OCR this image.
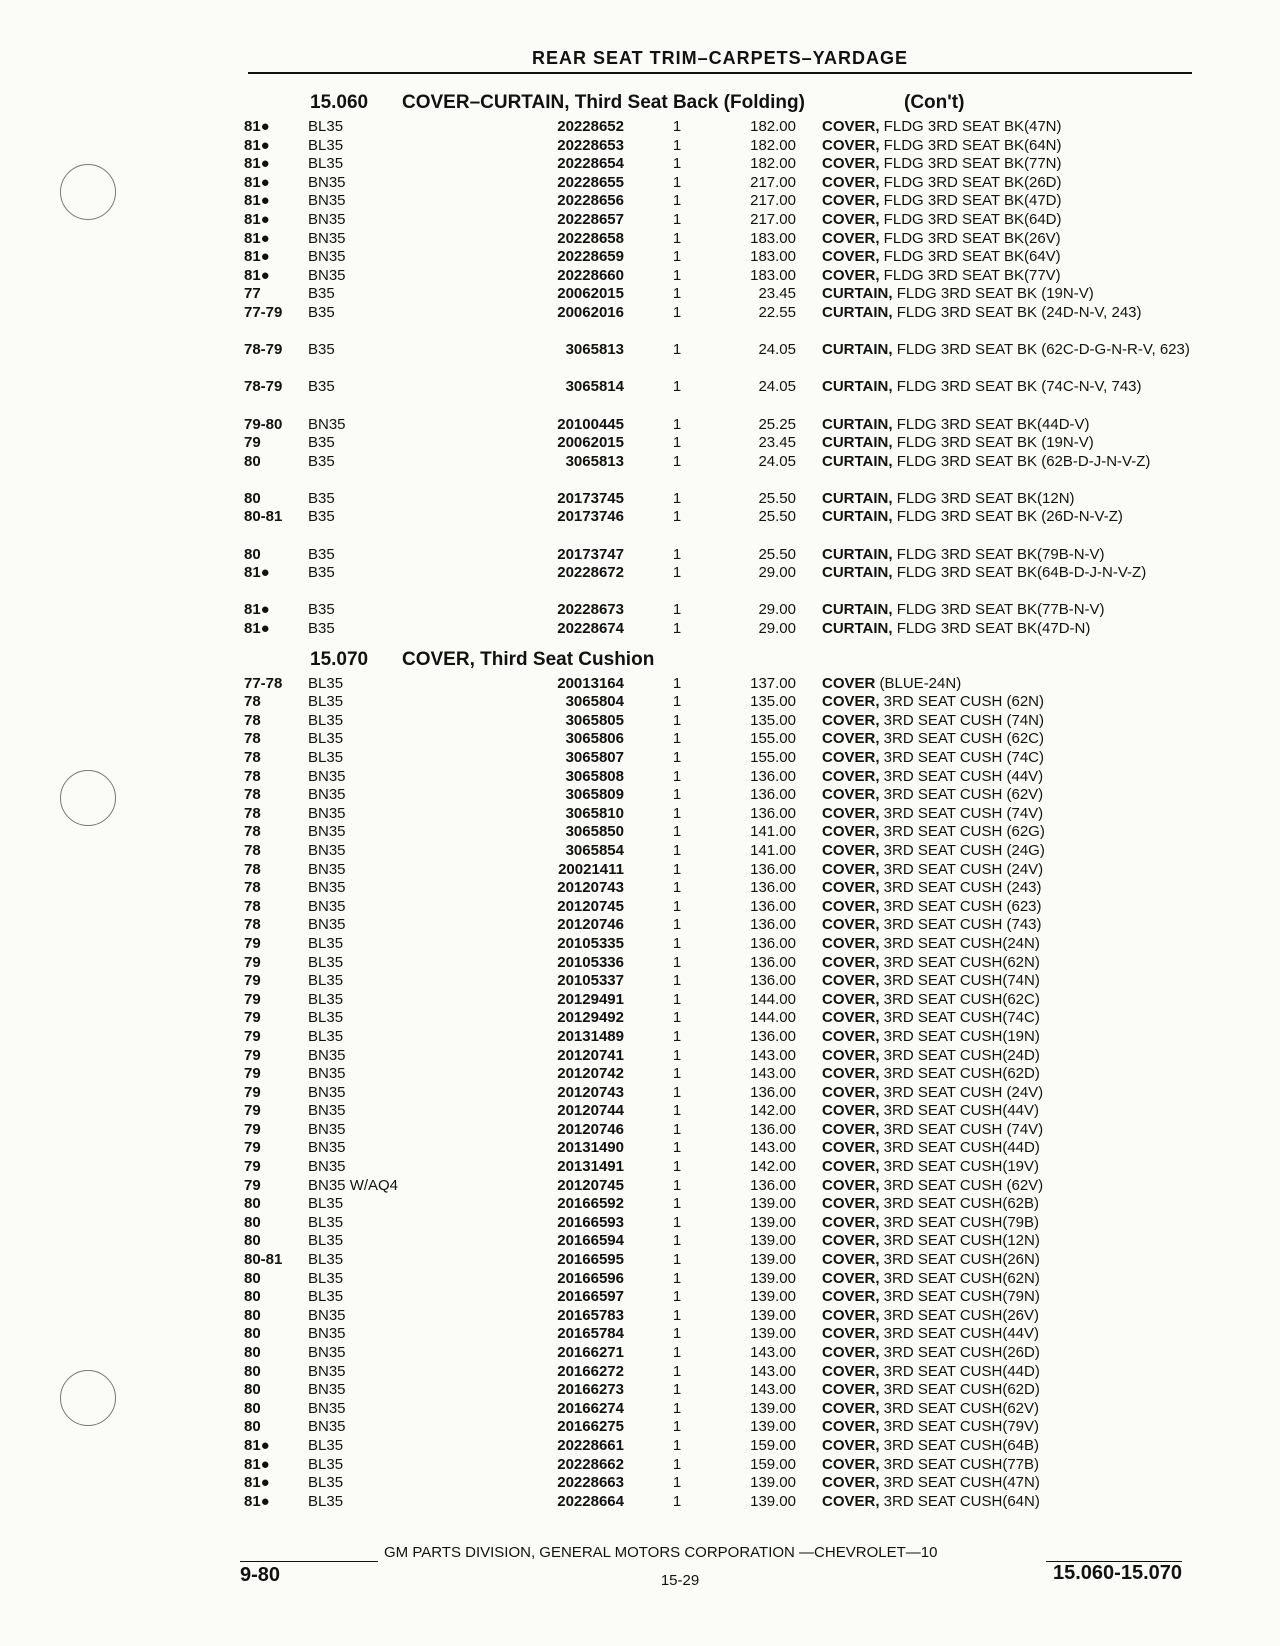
REAR SEAT TRIM–CARPETS–YARDAGE
15.060 COVER–CURTAIN, Third Seat Back (Folding)	(Con't)
81●	BL35	20228652	1	182.00 COVER, FLDG 3RD SEAT BK(47N)
81●	BL35	20228653	1	182.00 COVER, FLDG 3RD SEAT BK(64N)
81●	BL35	20228654	1	182.00 COVER, FLDG 3RD SEAT BK(77N)
81●	BN35	20228655	1	217.00 COVER, FLDG 3RD SEAT BK(26D)
81●	BN35	20228656	1	217.00 COVER, FLDG 3RD SEAT BK(47D)
81●	BN35	20228657	1	217.00 COVER, FLDG 3RD SEAT BK(64D)
81●	BN35	20228658	1	183.00 COVER, FLDG 3RD SEAT BK(26V)
81●	BN35	20228659	1	183.00 COVER, FLDG 3RD SEAT BK(64V)
81●	BN35	20228660	1	183.00 COVER, FLDG 3RD SEAT BK(77V)
77	B35	20062015	1	23.45 CURTAIN, FLDG 3RD SEAT BK (19N-V)
77-79	B35	20062016	1	22.55 CURTAIN, FLDG 3RD SEAT BK (24D-N-V, 243)
78-79	B35	3065813	1	24.05 CURTAIN, FLDG 3RD SEAT BK (62C-D-G-N-R-V, 623)
78-79	B35	3065814	1	24.05 CURTAIN, FLDG 3RD SEAT BK (74C-N-V, 743)
79-80	BN35	20100445	1	25.25 CURTAIN, FLDG 3RD SEAT BK(44D-V)
79	B35	20062015	1	23.45 CURTAIN, FLDG 3RD SEAT BK (19N-V)
80	B35	3065813	1	24.05 CURTAIN, FLDG 3RD SEAT BK (62B-D-J-N-V-Z)
80	B35	20173745	1	25.50 CURTAIN, FLDG 3RD SEAT BK(12N)
80-81	B35	20173746	1	25.50 CURTAIN, FLDG 3RD SEAT BK (26D-N-V-Z)
80	B35	20173747	1	25.50 CURTAIN, FLDG 3RD SEAT BK(79B-N-V)
81●	B35	20228672	1	29.00 CURTAIN, FLDG 3RD SEAT BK(64B-D-J-N-V-Z)
81●	B35	20228673	1	29.00 CURTAIN, FLDG 3RD SEAT BK(77B-N-V)
81●	B35	20228674	1	29.00 CURTAIN, FLDG 3RD SEAT BK(47D-N)
15.070 COVER, Third Seat Cushion
77-78	BL35	20013164	1	137.00 COVER (BLUE-24N)
78	BL35	3065804	1	135.00 COVER, 3RD SEAT CUSH (62N)
78	BL35	3065805	1	135.00 COVER, 3RD SEAT CUSH (74N)
78	BL35	3065806	1	155.00 COVER, 3RD SEAT CUSH (62C)
78	BL35	3065807	1	155.00 COVER, 3RD SEAT CUSH (74C)
78	BN35	3065808	1	136.00 COVER, 3RD SEAT CUSH (44V)
78	BN35	3065809	1	136.00 COVER, 3RD SEAT CUSH (62V)
78	BN35	3065810	1	136.00 COVER, 3RD SEAT CUSH (74V)
78	BN35	3065850	1	141.00 COVER, 3RD SEAT CUSH (62G)
78	BN35	3065854	1	141.00 COVER, 3RD SEAT CUSH (24G)
78	BN35	20021411	1	136.00 COVER, 3RD SEAT CUSH (24V)
78	BN35	20120743	1	136.00 COVER, 3RD SEAT CUSH (243)
78	BN35	20120745	1	136.00 COVER, 3RD SEAT CUSH (623)
78	BN35	20120746	1	136.00 COVER, 3RD SEAT CUSH (743)
79	BL35	20105335	1	136.00 COVER, 3RD SEAT CUSH(24N)
79	BL35	20105336	1	136.00 COVER, 3RD SEAT CUSH(62N)
79	BL35	20105337	1	136.00 COVER, 3RD SEAT CUSH(74N)
79	BL35	20129491	1	144.00 COVER, 3RD SEAT CUSH(62C)
79	BL35	20129492	1	144.00 COVER, 3RD SEAT CUSH(74C)
79	BL35	20131489	1	136.00 COVER, 3RD SEAT CUSH(19N)
79	BN35	20120741	1	143.00 COVER, 3RD SEAT CUSH(24D)
79	BN35	20120742	1	143.00 COVER, 3RD SEAT CUSH(62D)
79	BN35	20120743	1	136.00 COVER, 3RD SEAT CUSH (24V)
79	BN35	20120744	1	142.00 COVER, 3RD SEAT CUSH(44V)
79	BN35	20120746	1	136.00 COVER, 3RD SEAT CUSH (74V)
79	BN35	20131490	1	143.00 COVER, 3RD SEAT CUSH(44D)
79	BN35	20131491	1	142.00 COVER, 3RD SEAT CUSH(19V)
79	BN35 W/AQ4	20120745	1	136.00 COVER, 3RD SEAT CUSH (62V)
80	BL35	20166592	1	139.00 COVER, 3RD SEAT CUSH(62B)
80	BL35	20166593	1	139.00 COVER, 3RD SEAT CUSH(79B)
80	BL35	20166594	1	139.00 COVER, 3RD SEAT CUSH(12N)
80-81	BL35	20166595	1	139.00 COVER, 3RD SEAT CUSH(26N)
80	BL35	20166596	1	139.00 COVER, 3RD SEAT CUSH(62N)
80	BL35	20166597	1	139.00 COVER, 3RD SEAT CUSH(79N)
80	BN35	20165783	1	139.00 COVER, 3RD SEAT CUSH(26V)
80	BN35	20165784	1	139.00 COVER, 3RD SEAT CUSH(44V)
80	BN35	20166271	1	143.00 COVER, 3RD SEAT CUSH(26D)
80	BN35	20166272	1	143.00 COVER, 3RD SEAT CUSH(44D)
80	BN35	20166273	1	143.00 COVER, 3RD SEAT CUSH(62D)
80	BN35	20166274	1	139.00 COVER, 3RD SEAT CUSH(62V)
80	BN35	20166275	1	139.00 COVER, 3RD SEAT CUSH(79V)
81●	BL35	20228661	1	159.00 COVER, 3RD SEAT CUSH(64B)
81●	BL35	20228662	1	159.00 COVER, 3RD SEAT CUSH(77B)
81●	BL35	20228663	1	139.00 COVER, 3RD SEAT CUSH(47N)
81●	BL35	20228664	1	139.00 COVER, 3RD SEAT CUSH(64N)
GM PARTS DIVISION, GENERAL MOTORS CORPORATION —CHEVROLET—10
15-29
9-80	15.060-15.070
